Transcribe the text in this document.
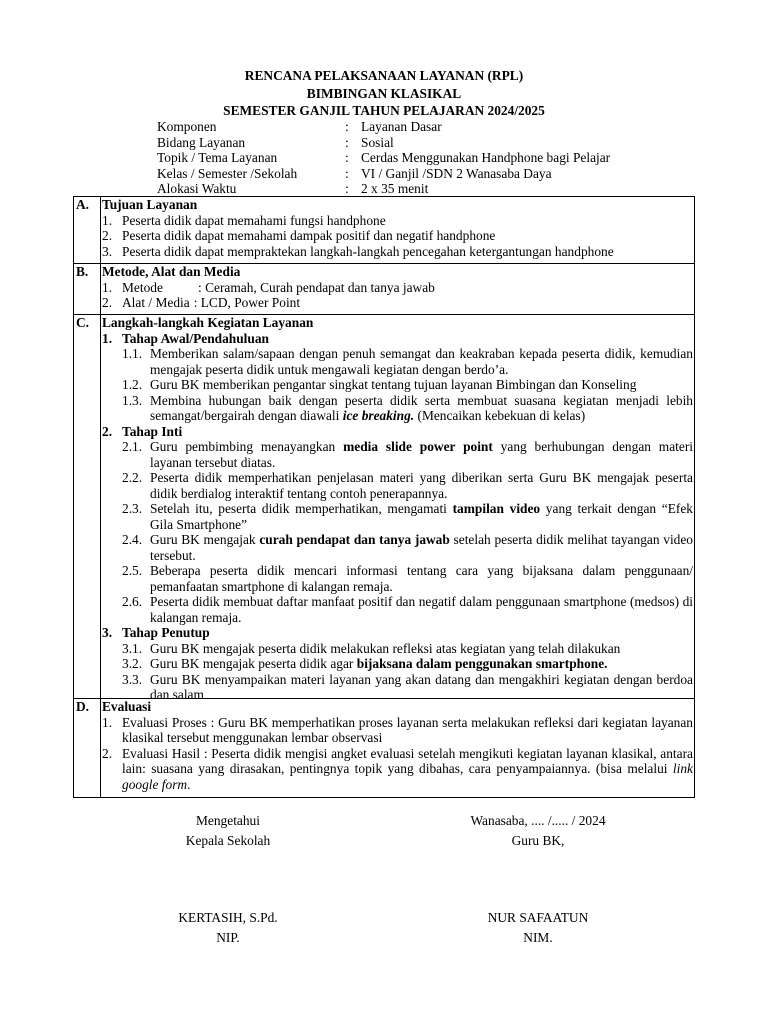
RENCANA PELAKSANAAN LAYANAN (RPL)
BIMBINGAN KLASIKAL
SEMESTER GANJIL TAHUN PELAJARAN 2024/2025
Komponen	: Layanan Dasar
Bidang Layanan	: Sosial
Topik / Tema Layanan	: Cerdas Menggunakan Handphone bagi Pelajar
Kelas / Semester /Sekolah	: VI / Ganjil /SDN 2 Wanasaba Daya
Alokasi Waktu	: 2 x 35 menit
A. Tujuan Layanan
1. Peserta didik dapat memahami fungsi handphone
2. Peserta didik dapat memahami dampak positif dan negatif handphone
3. Peserta didik dapat mempraktekan langkah-langkah pencegahan ketergantungan handphone
B.	Metode, Alat dan Media
1. Metode	: Ceramah, Curah pendapat dan tanya jawab
2. Alat / Media : LCD, Power Point
C. Langkah-langkah Kegiatan Layanan
1. Tahap Awal/Pendahuluan
1.1. Memberikan salam/sapaan dengan penuh semangat dan keakraban kepada peserta didik, kemudian mengajak peserta didik untuk mengawali kegiatan dengan berdo’a.
1.2. Guru BK memberikan pengantar singkat tentang tujuan layanan Bimbingan dan Konseling
1.3. Membina hubungan baik dengan peserta didik serta membuat suasana kegiatan menjadi lebih semangat/bergairah dengan diawali ice breaking. (Mencaikan kebekuan di kelas)
2. Tahap Inti
2.1. Guru pembimbing menayangkan media slide power point yang berhubungan dengan materi layanan tersebut diatas.
2.2. Peserta didik memperhatikan penjelasan materi yang diberikan serta Guru BK mengajak peserta didik berdialog interaktif tentang contoh penerapannya.
2.3. Setelah itu, peserta didik memperhatikan, mengamati tampilan video yang terkait dengan “Efek Gila Smartphone”
2.4. Guru BK mengajak curah pendapat dan tanya jawab setelah peserta didik melihat tayangan video tersebut.
2.5. Beberapa peserta didik mencari informasi tentang cara yang bijaksana dalam penggunaan/ pemanfaatan smartphone di kalangan remaja.
2.6. Peserta didik membuat daftar manfaat positif dan negatif dalam penggunaan smartphone (medsos) di kalangan remaja.
3. Tahap Penutup
3.1. Guru BK mengajak peserta didik melakukan refleksi atas kegiatan yang telah dilakukan
3.2. Guru BK mengajak peserta didik agar bijaksana dalam penggunakan smartphone.
3.3. Guru BK menyampaikan materi layanan yang akan datang dan mengakhiri kegiatan dengan berdoa dan salam
D. Evaluasi
1. Evaluasi Proses : Guru BK memperhatikan proses layanan serta melakukan refleksi dari kegiatan layanan klasikal tersebut menggunakan lembar observasi
2. Evaluasi Hasil : Peserta didik mengisi angket evaluasi setelah mengikuti kegiatan layanan klasikal, antara lain: suasana yang dirasakan, pentingnya topik yang dibahas, cara penyampaiannya. (bisa melalui link google form.
Mengetahui
Kepala Sekolah
KERTASIH, S.Pd.
NIP.
Wanasaba, .... /..... / 2024
Guru BK,
NUR SAFAATUN
NIM.
